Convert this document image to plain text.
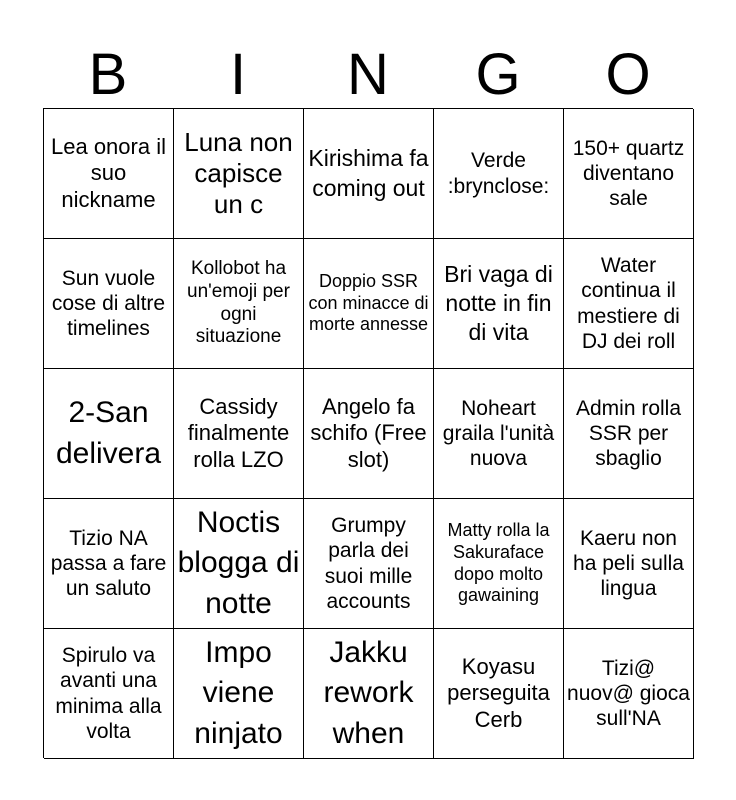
B	I	N	G	O
Lea onora il suo nickname
Luna non capisce un c
Kirishima fa coming out
Verde :brynclose:
150+ quartz diventano sale
Sun vuole cose di altre timelines
Kollobot ha un'emoji per ogni situazione
Doppio SSR con minacce di morte annesse
Bri vaga di notte in fin di vita
Water continua il mestiere di DJ dei roll
2-San delivera
Cassidy finalmente rolla LZO
Angelo fa schifo (Free slot)
Noheart graila l'unità nuova
Admin rolla SSR per sbaglio
Tizio NA passa a fare un saluto
Noctis blogga di notte
Grumpy parla dei suoi mille accounts
Matty rolla la Sakuraface dopo molto gawaining
Kaeru non ha peli sulla lingua
Spirulo va avanti una minima alla volta
Impo viene ninjato
Jakku rework when
Koyasu perseguita Cerb
Tizi@ nuov@ gioca sull'NA
